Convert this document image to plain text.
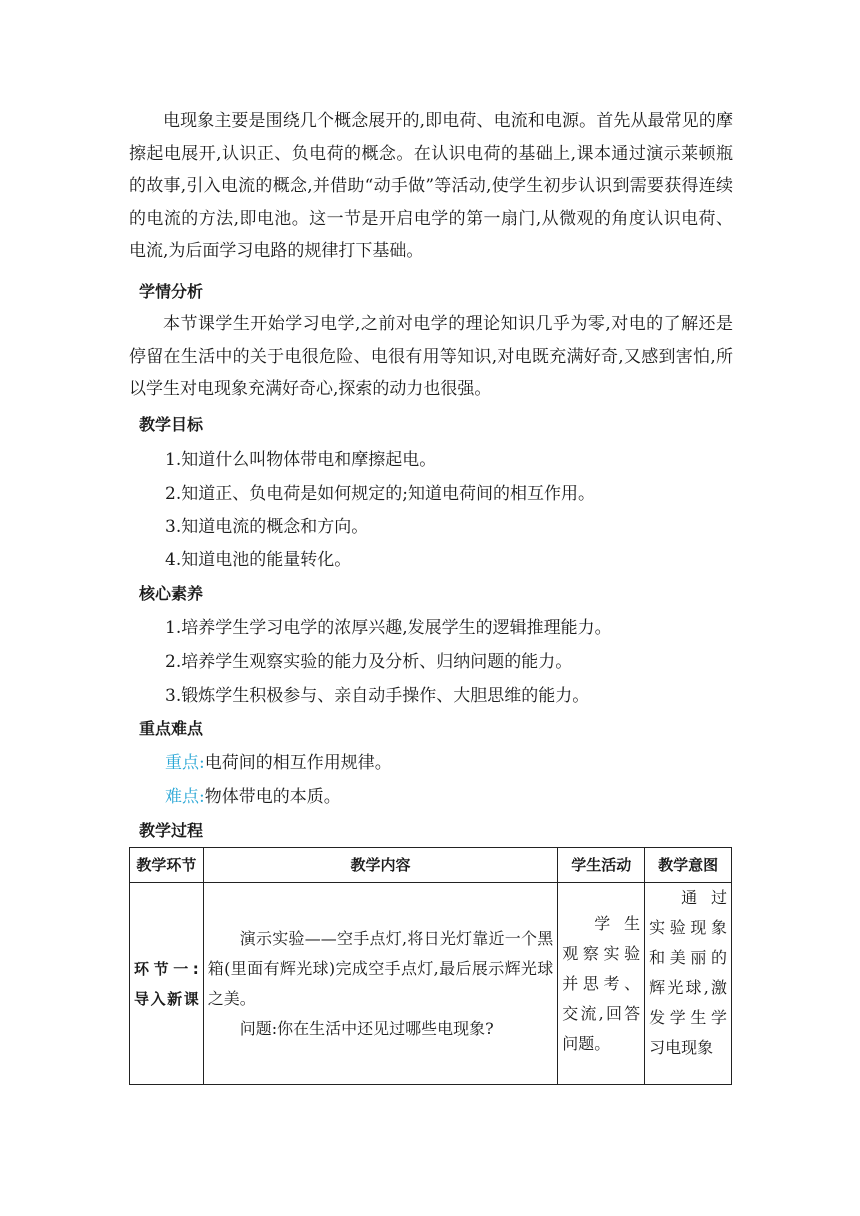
电现象主要是围绕几个概念展开的,即电荷、电流和电源。首先从最常见的摩擦起电展开,认识正、负电荷的概念。在认识电荷的基础上,课本通过演示莱顿瓶的故事,引入电流的概念,并借助“动手做”等活动,使学生初步认识到需要获得连续的电流的方法,即电池。这一节是开启电学的第一扇门,从微观的角度认识电荷、电流,为后面学习电路的规律打下基础。

学情分析

本节课学生开始学习电学,之前对电学的理论知识几乎为零,对电的了解还是停留在生活中的关于电很危险、电很有用等知识,对电既充满好奇,又感到害怕,所以学生对电现象充满好奇心,探索的动力也很强。

教学目标

1.知道什么叫物体带电和摩擦起电。

2.知道正、负电荷是如何规定的;知道电荷间的相互作用。

3.知道电流的概念和方向。

4.知道电池的能量转化。

核心素养

1.培养学生学习电学的浓厚兴趣,发展学生的逻辑推理能力。

2.培养学生观察实验的能力及分析、归纳问题的能力。

3.锻炼学生积极参与、亲自动手操作、大胆思维的能力。

重点难点

重点:电荷间的相互作用规律。

难点:物体带电的本质。

教学过程
教学环节	教学内容	学生活动	教学意图
环节一:导入新课	演示实验——空手点灯,将日光灯靠近一个黑箱(里面有辉光球)完成空手点灯,最后展示辉光球之美。

问题:你在生活中还见过哪些电现象?	学生观察实验并思考、交流,回答问题。	通过实验现象和美丽的辉光球,激发学生学习电现象
